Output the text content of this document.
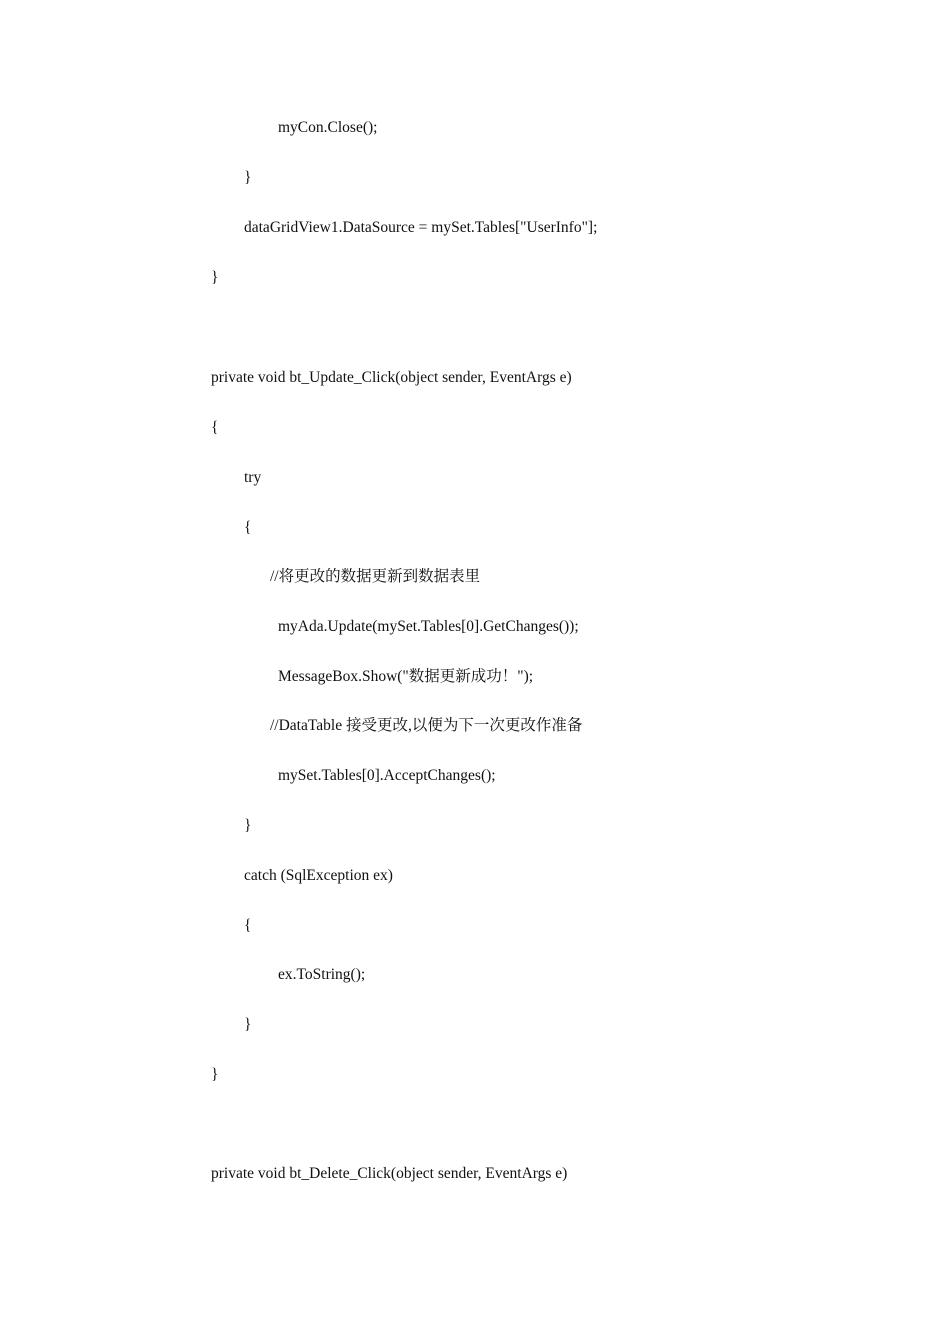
myCon.Close();
}
dataGridView1.DataSource = mySet.Tables["UserInfo"];
}
private void bt_Update_Click(object sender, EventArgs e)
{
try
{
//将更改的数据更新到数据表里
myAda.Update(mySet.Tables[0].GetChanges());
MessageBox.Show("数据更新成功！");
//DataTable 接受更改,以便为下一次更改作准备
mySet.Tables[0].AcceptChanges();
}
catch (SqlException ex)
{
ex.ToString();
}
}
private void bt_Delete_Click(object sender, EventArgs e)
